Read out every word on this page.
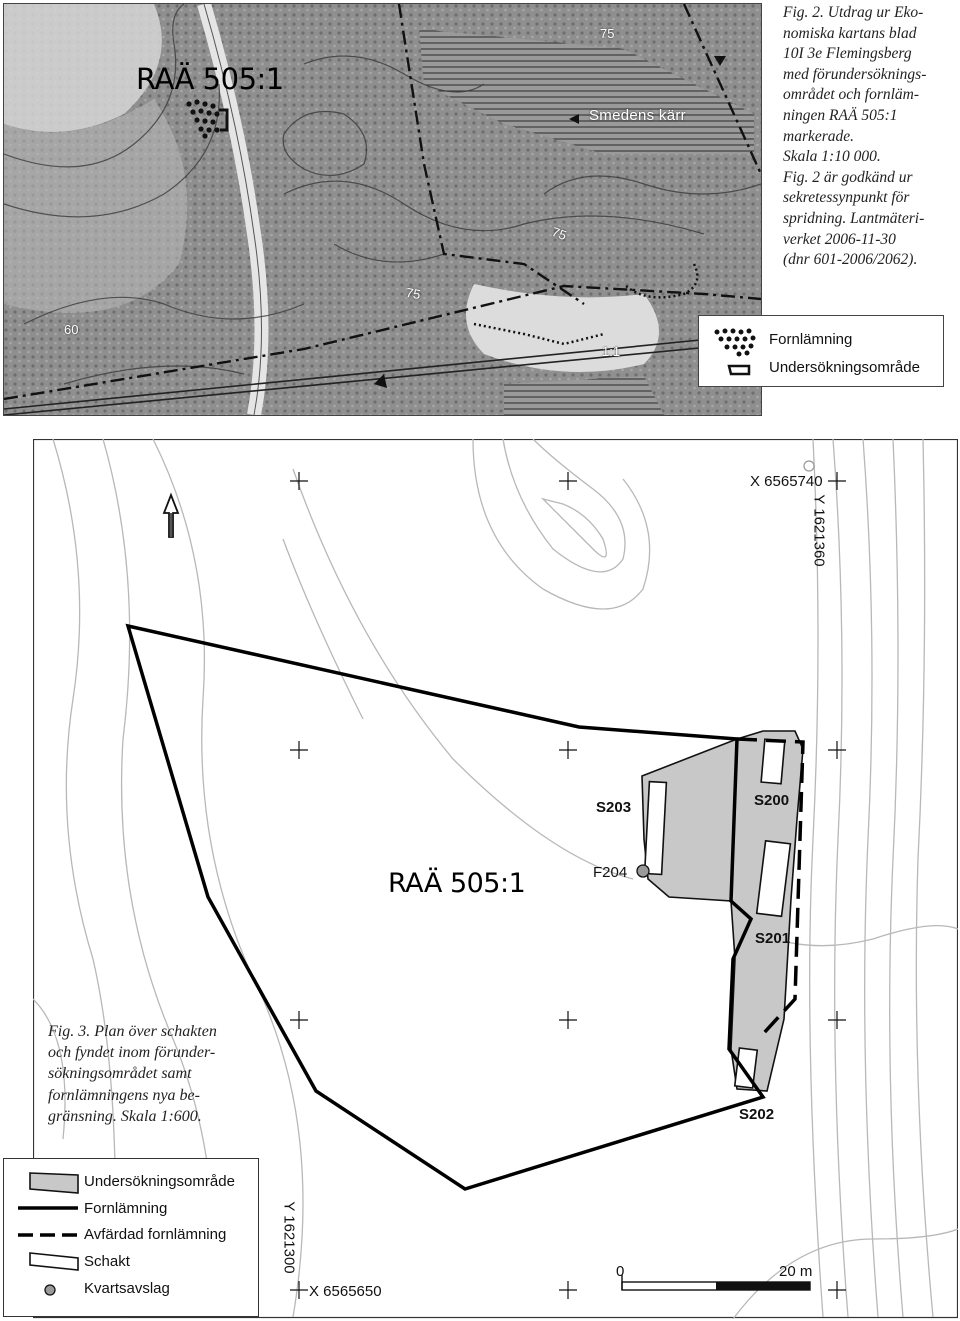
RAÄ 505:1
Smedens kärr
75
75
75
60
1:1

Fig. 2. Utdrag ur Eko-

nomiska kartans blad

10I 3e Flemingsberg

med förundersöknings-

området och fornläm-

ningen RAÄ 505:1

markerade.

Skala 1:10 000.

Fig. 2 är godkänd ur

sekretessynpunkt för

spridning. Lantmäteri-

verket 2006-11-30

(dnr 601-2006/2062).

Fornlämning
Undersökningsområde
X 6565740
Y 1621360
Y 1621300
X 6565650
S203	S200
S201
S202
F204
0	20 m
RAÄ 505:1

Fig. 3. Plan över schakten

och fyndet inom förunder-

sökningsområdet samt

fornlämningens nya be-

gränsning. Skala 1:600.

Undersökningsområde
Fornlämning
Avfärdad fornlämning
Schakt
Kvartsavslag
